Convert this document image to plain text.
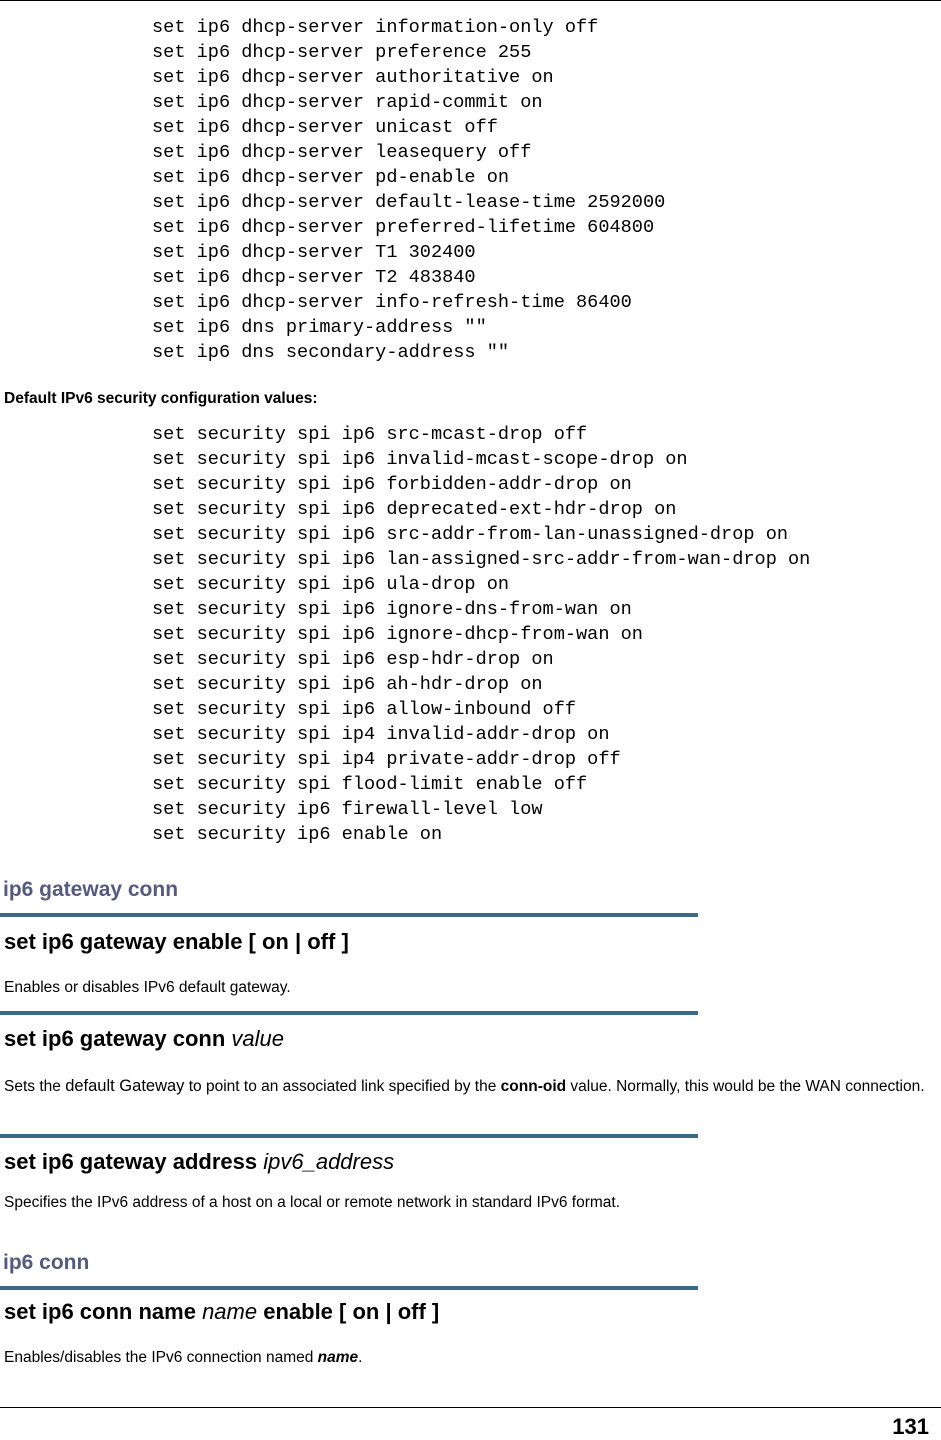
set ip6 dhcp-server information-only off
set ip6 dhcp-server preference 255
set ip6 dhcp-server authoritative on
set ip6 dhcp-server rapid-commit on
set ip6 dhcp-server unicast off
set ip6 dhcp-server leasequery off
set ip6 dhcp-server pd-enable on
set ip6 dhcp-server default-lease-time 2592000
set ip6 dhcp-server preferred-lifetime 604800
set ip6 dhcp-server T1 302400
set ip6 dhcp-server T2 483840
set ip6 dhcp-server info-refresh-time 86400
set ip6 dns primary-address ""
set ip6 dns secondary-address ""
Default IPv6 security configuration values:
set security spi ip6 src-mcast-drop off
set security spi ip6 invalid-mcast-scope-drop on
set security spi ip6 forbidden-addr-drop on
set security spi ip6 deprecated-ext-hdr-drop on
set security spi ip6 src-addr-from-lan-unassigned-drop on
set security spi ip6 lan-assigned-src-addr-from-wan-drop on
set security spi ip6 ula-drop on
set security spi ip6 ignore-dns-from-wan on
set security spi ip6 ignore-dhcp-from-wan on
set security spi ip6 esp-hdr-drop on
set security spi ip6 ah-hdr-drop on
set security spi ip6 allow-inbound off
set security spi ip4 invalid-addr-drop on
set security spi ip4 private-addr-drop off
set security spi flood-limit enable off
set security ip6 firewall-level low
set security ip6 enable on
ip6 gateway conn
set ip6 gateway enable [ on | off ]
Enables or disables IPv6 default gateway.
set ip6 gateway conn value
Sets the default Gateway to point to an associated link specified by the conn-oid value. Normally, this would be the WAN connection.
set ip6 gateway address ipv6_address
Specifies the IPv6 address of a host on a local or remote network in standard IPv6 format.
ip6 conn
set ip6 conn name name enable [ on | off ]
Enables/disables the IPv6 connection named name.
131
